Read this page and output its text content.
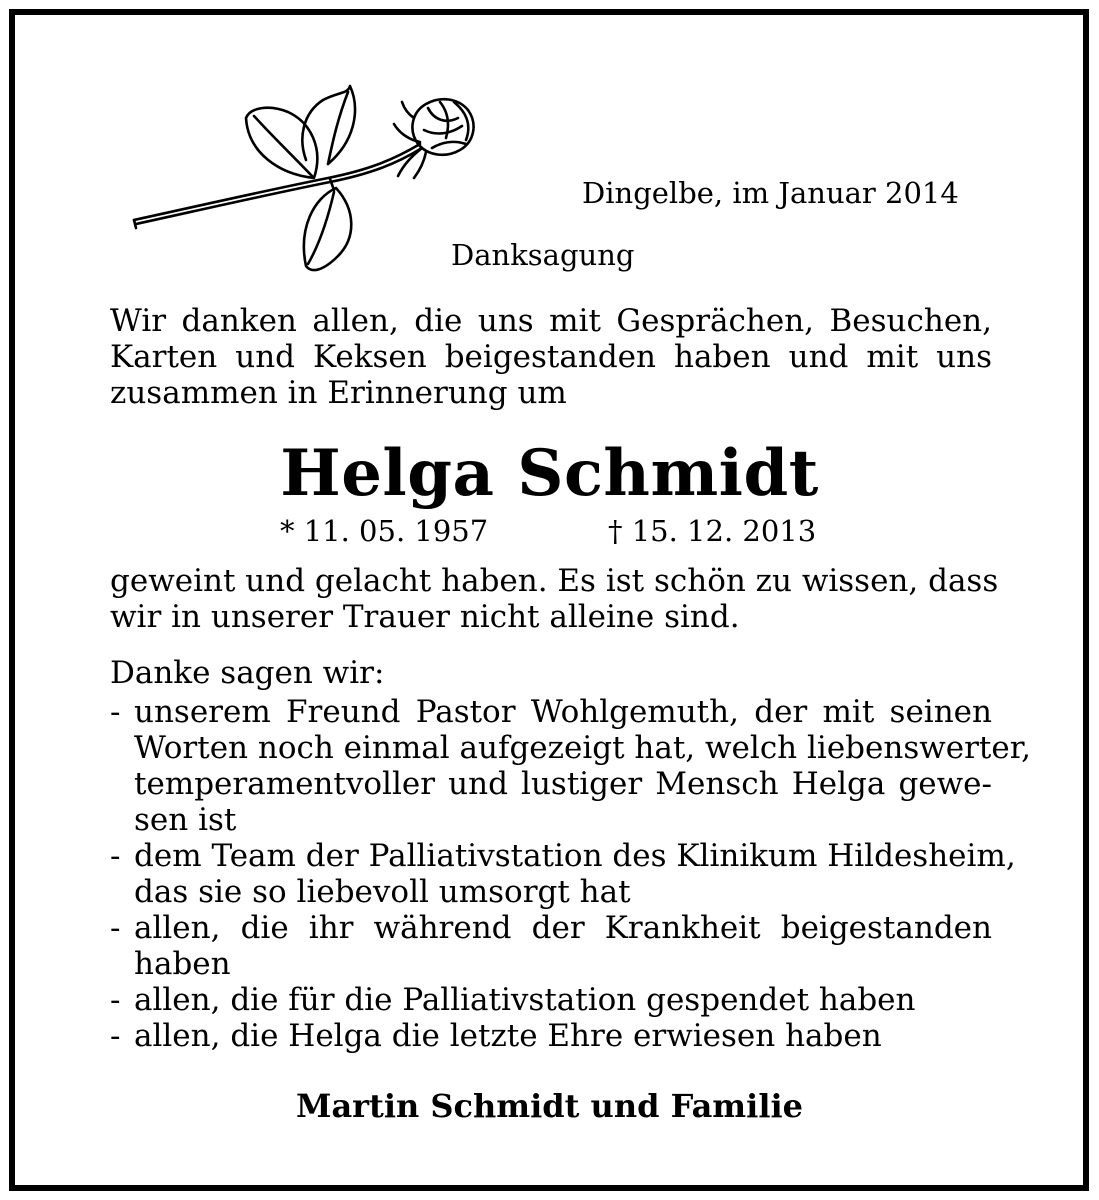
Dingelbe, im Januar 2014
Danksagung
Wir danken allen, die uns mit Gesprächen, Besuchen,
Karten und Keksen beigestanden haben und mit uns
zusammen in Erinnerung um
Helga Schmidt
* 11. 05. 1957	† 15. 12. 2013
geweint und gelacht haben. Es ist schön zu wissen, dass
wir in unserer Trauer nicht alleine sind.
Danke sagen wir:
- unserem Freund Pastor Wohlgemuth, der mit seinen
Worten noch einmal aufgezeigt hat, welch liebenswerter,
temperamentvoller und lustiger Mensch Helga gewe-
sen ist
- dem Team der Palliativstation des Klinikum Hildesheim,
das sie so liebevoll umsorgt hat
- allen, die ihr während der Krankheit beigestanden
haben
- allen, die für die Palliativstation gespendet haben
- allen, die Helga die letzte Ehre erwiesen haben
Martin Schmidt und Familie
